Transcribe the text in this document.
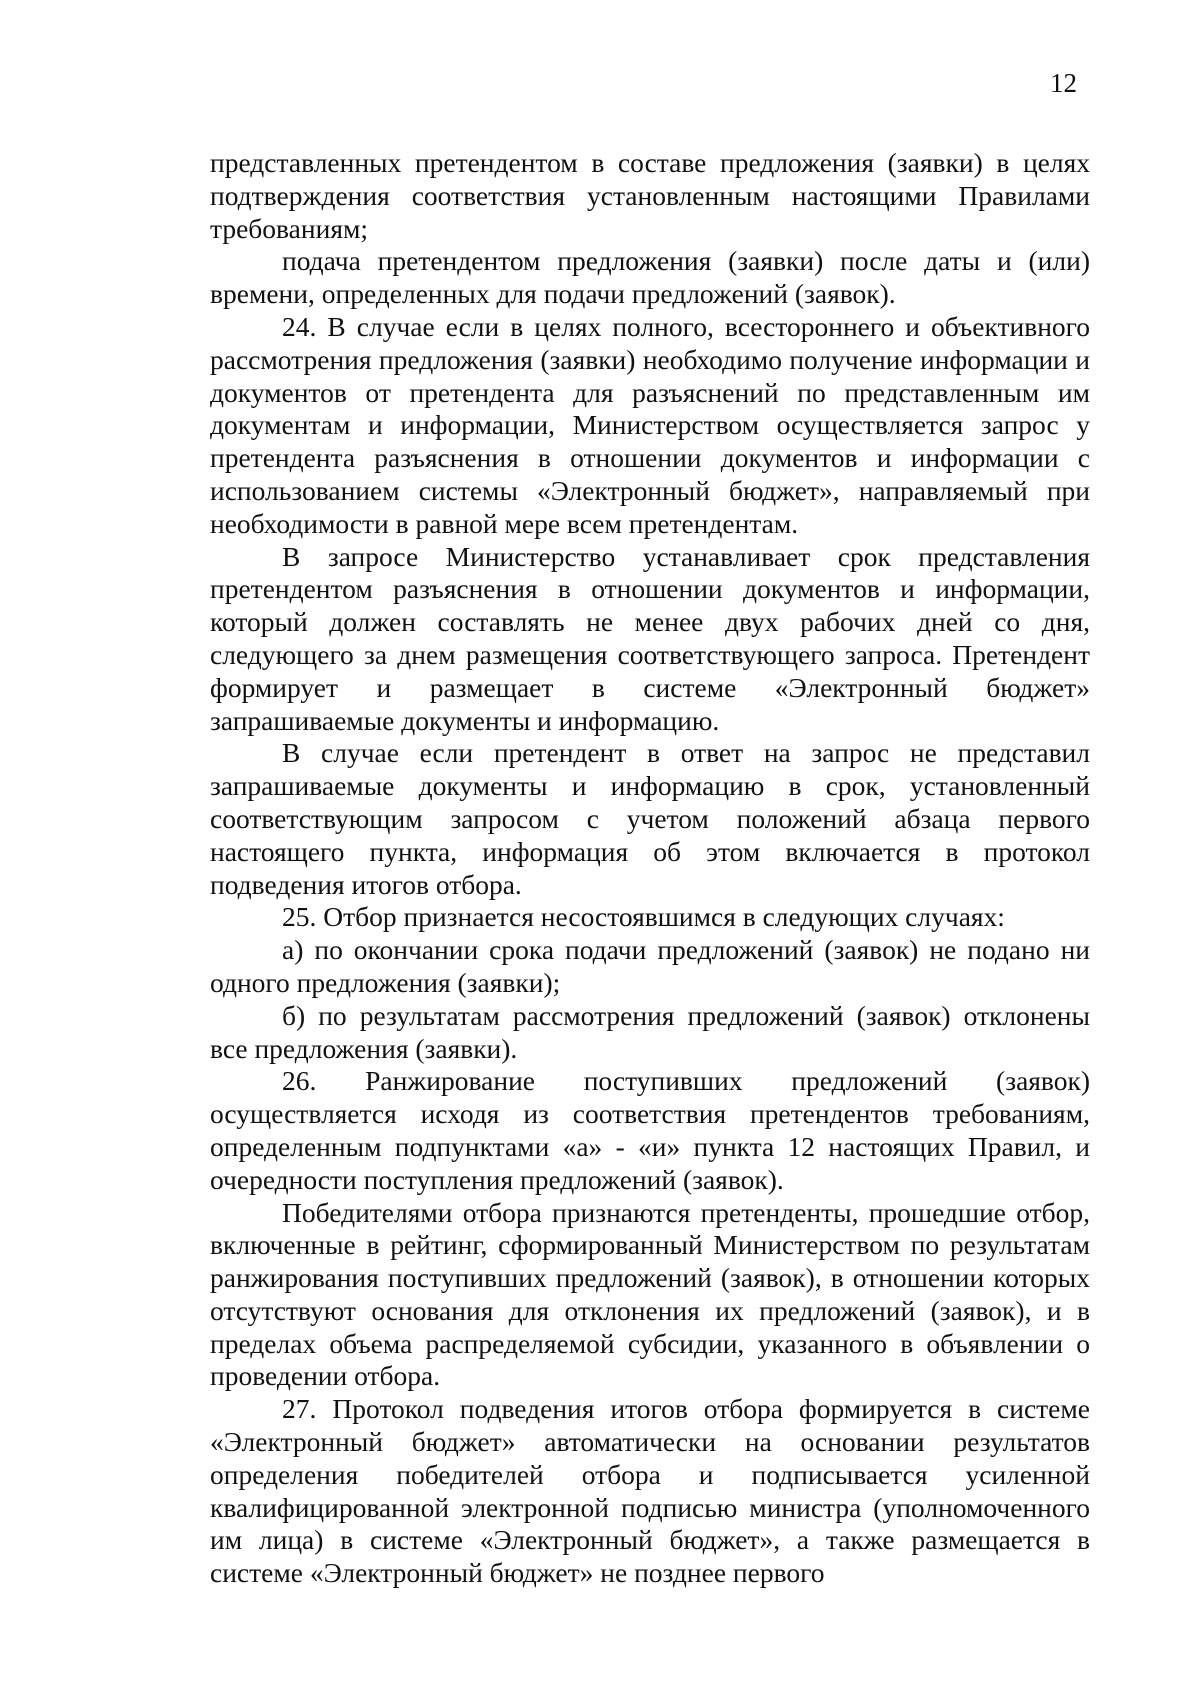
12

представленных претендентом в составе предложения (заявки) в целях подтверждения соответствия установленным настоящими Правилами требованиям;

подача претендентом предложения (заявки) после даты и (или) времени, определенных для подачи предложений (заявок).

24. В случае если в целях полного, всестороннего и объективного рассмотрения предложения (заявки) необходимо получение информации и документов от претендента для разъяснений по представленным им документам и информации, Министерством осуществляется запрос у претендента разъяснения в отношении документов и информации с использованием системы «Электронный бюджет», направляемый при необходимости в равной мере всем претендентам.

В запросе Министерство устанавливает срок представления претендентом разъяснения в отношении документов и информации, который должен составлять не менее двух рабочих дней со дня, следующего за днем размещения соответствующего запроса. Претендент формирует и размещает в системе «Электронный бюджет» запрашиваемые документы и информацию.

В случае если претендент в ответ на запрос не представил запрашиваемые документы и информацию в срок, установленный соответствующим запросом с учетом положений абзаца первого настоящего пункта, информация об этом включается в протокол подведения итогов отбора.

25. Отбор признается несостоявшимся в следующих случаях:

а) по окончании срока подачи предложений (заявок) не подано ни одного предложения (заявки);

б) по результатам рассмотрения предложений (заявок) отклонены все предложения (заявки).

26. Ранжирование поступивших предложений (заявок) осуществляется исходя из соответствия претендентов требованиям, определенным подпунктами «а» - «и» пункта 12 настоящих Правил, и очередности поступления предложений (заявок).

Победителями отбора признаются претенденты, прошедшие отбор, включенные в рейтинг, сформированный Министерством по результатам ранжирования поступивших предложений (заявок), в отношении которых отсутствуют основания для отклонения их предложений (заявок), и в пределах объема распределяемой субсидии, указанного в объявлении о проведении отбора.

27. Протокол подведения итогов отбора формируется в системе «Электронный бюджет» автоматически на основании результатов определения победителей отбора и подписывается усиленной квалифицированной электронной подписью министра (уполномоченного им лица) в системе «Электронный бюджет», а также размещается в системе «Электронный бюджет» не позднее первого
